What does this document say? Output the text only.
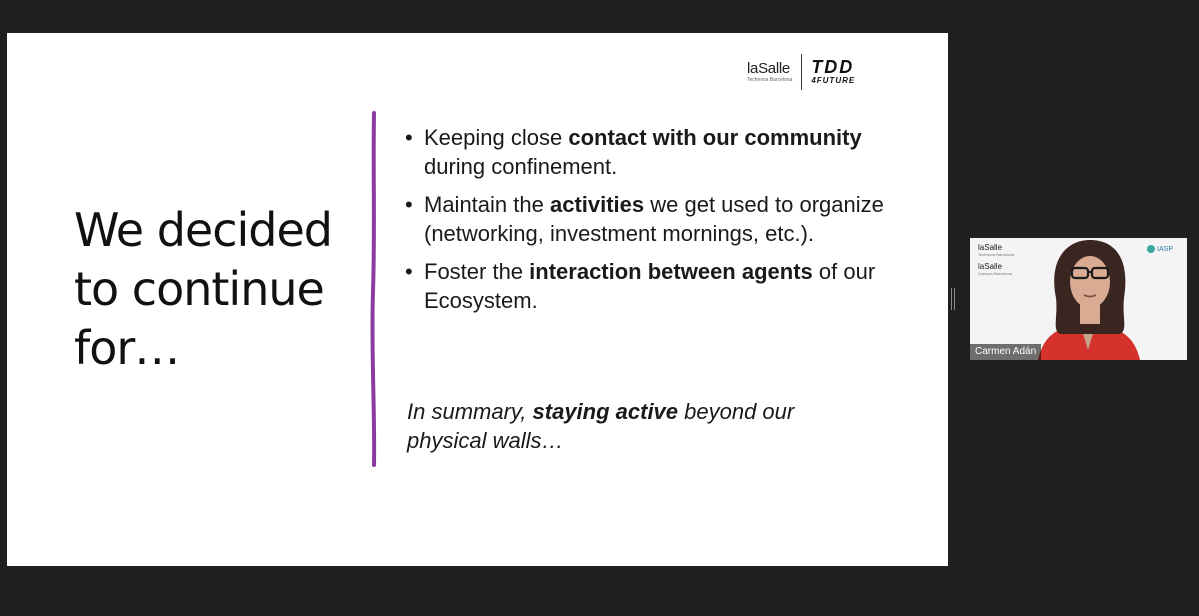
laSalle
Technova Barcelona
TDD
4FUTURE
We decided to continue for…
• Keeping close contact with our community during confinement.
• Maintain the activities we get used to organize (networking, investment mornings, etc.).
• Foster the interaction between agents of our Ecosystem.
In summary, staying active beyond our physical walls…
laSalle
Technova Barcelona
laSalle
Campus Barcelona
IASP
Carmen Adán
